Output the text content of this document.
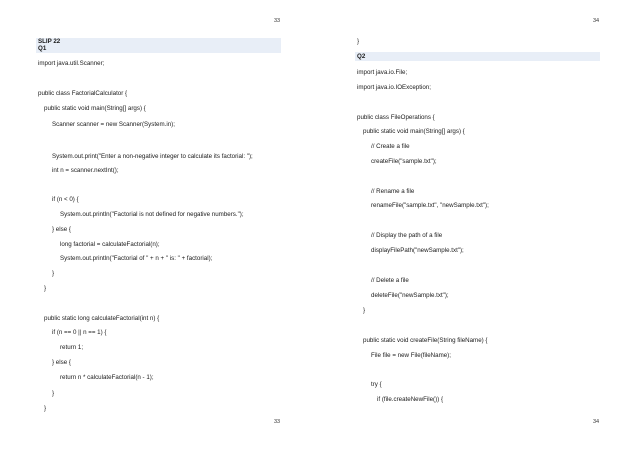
33
SLIP 22
Q1
import java.util.Scanner;
public class FactorialCalculator {
public static void main(String[] args) {
Scanner scanner = new Scanner(System.in);
System.out.print("Enter a non-negative integer to calculate its factorial: ");
int n = scanner.nextInt();
if (n < 0) {
System.out.println("Factorial is not defined for negative numbers.");
} else {
long factorial = calculateFactorial(n);
System.out.println("Factorial of " + n + " is: " + factorial);
}
}
public static long calculateFactorial(int n) {
if (n == 0 || n == 1) {
return 1;
} else {
return n * calculateFactorial(n - 1);
}
}
33
34
}
Q2
import java.io.File;
import java.io.IOException;
public class FileOperations {
public static void main(String[] args) {
// Create a file
createFile("sample.txt");
// Rename a file
renameFile("sample.txt", "newSample.txt");
// Display the path of a file
displayFilePath("newSample.txt");
// Delete a file
deleteFile("newSample.txt");
}
public static void createFile(String fileName) {
File file = new File(fileName);
try {
if (file.createNewFile()) {
34
